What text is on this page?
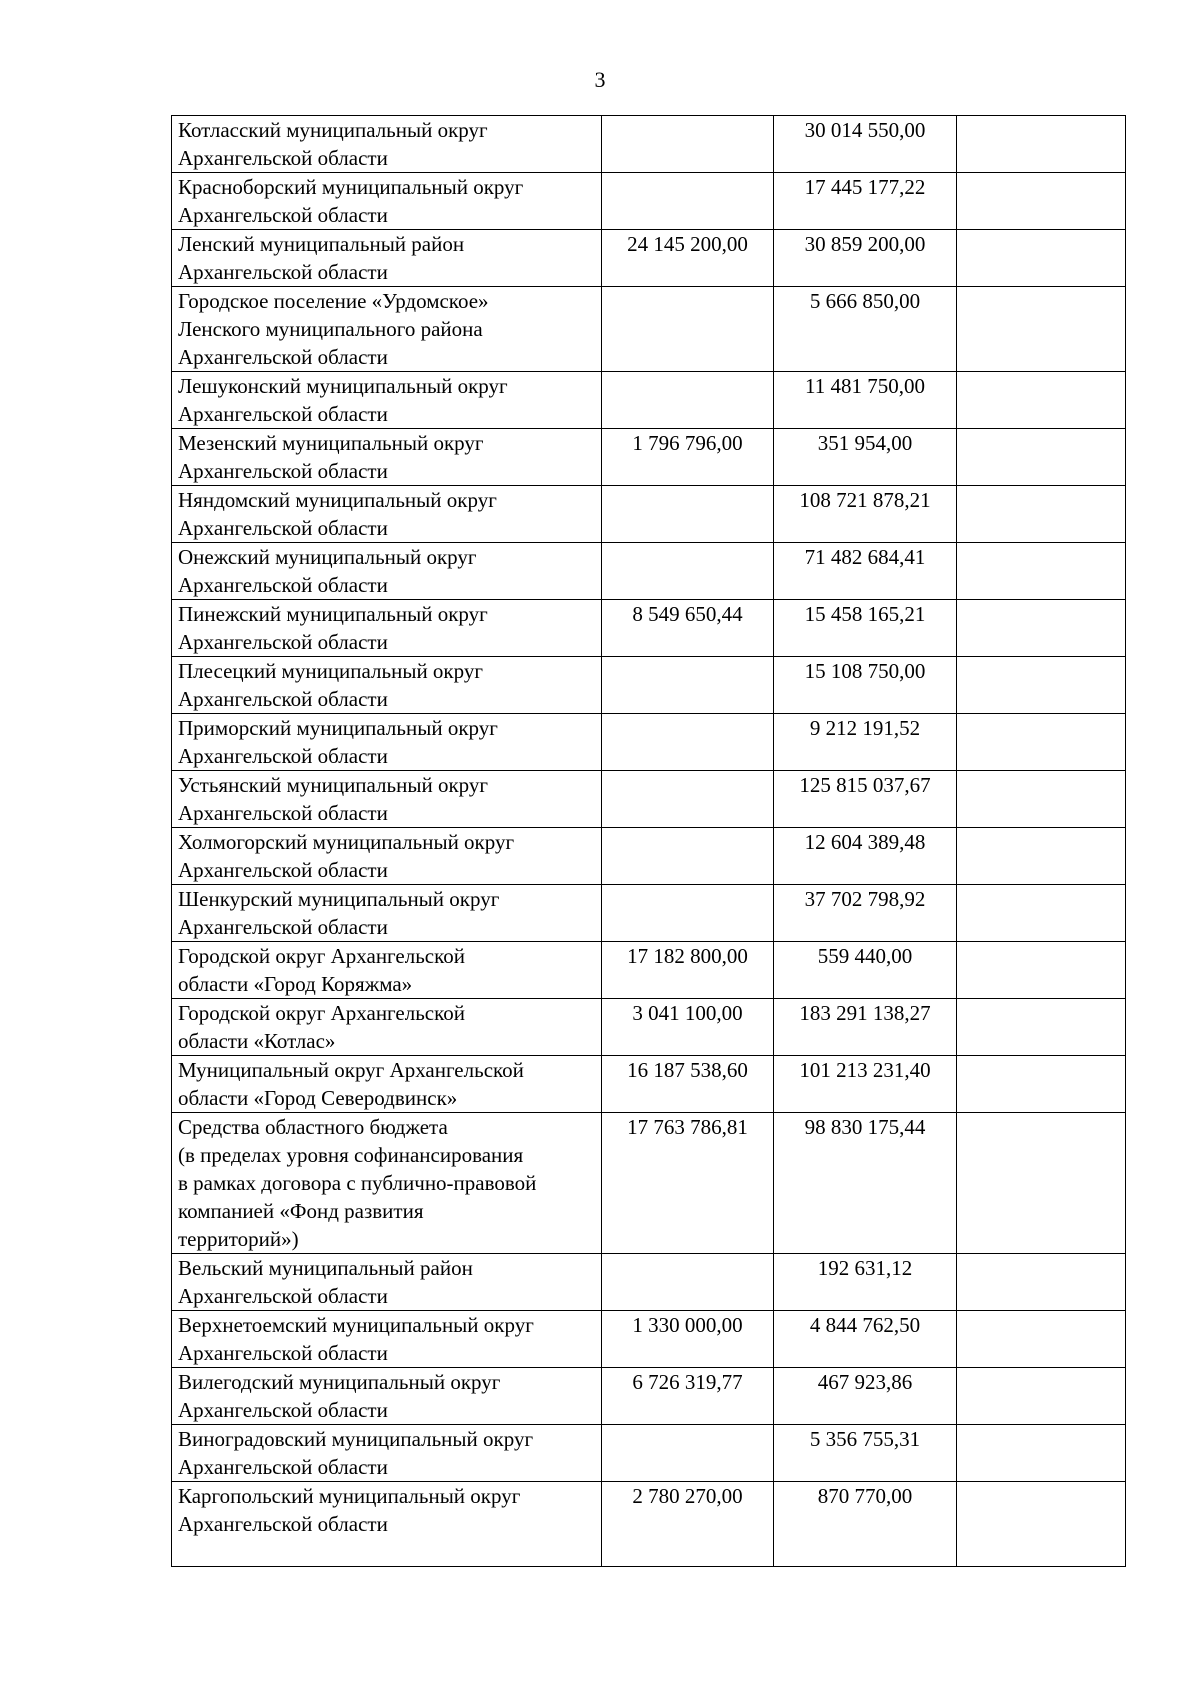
3
Котласский муниципальный округ
Архангельской области		30 014 550,00	

Красноборский муниципальный округ
Архангельской области		17 445 177,22	

Ленский муниципальный район
Архангельской области	24 145 200,00	30 859 200,00	

Городское поселение «Урдомское»
Ленского муниципального района
Архангельской области		5 666 850,00	

Лешуконский муниципальный округ
Архангельской области		11 481 750,00	

Мезенский муниципальный округ
Архангельской области	1 796 796,00	351 954,00	

Няндомский муниципальный округ
Архангельской области		108 721 878,21	

Онежский муниципальный округ
Архангельской области		71 482 684,41	

Пинежский муниципальный округ
Архангельской области	8 549 650,44	15 458 165,21	

Плесецкий муниципальный округ
Архангельской области		15 108 750,00	

Приморский муниципальный округ
Архангельской области		9 212 191,52	

Устьянский муниципальный округ
Архангельской области		125 815 037,67	

Холмогорский муниципальный округ
Архангельской области		12 604 389,48	

Шенкурский муниципальный округ
Архангельской области		37 702 798,92	

Городской округ Архангельской
области «Город Коряжма»	17 182 800,00	559 440,00	

Городской округ Архангельской
области «Котлас»	3 041 100,00	183 291 138,27	

Муниципальный округ Архангельской
области «Город Северодвинск»	16 187 538,60	101 213 231,40	

Средства областного бюджета
(в пределах уровня софинансирования
в рамках договора с публично-правовой
компанией «Фонд развития
территорий»)	17 763 786,81	98 830 175,44	

Вельский муниципальный район
Архангельской области		192 631,12	

Верхнетоемский муниципальный округ
Архангельской области	1 330 000,00	4 844 762,50	

Вилегодский муниципальный округ
Архангельской области	6 726 319,77	467 923,86	

Виноградовский муниципальный округ
Архангельской области		5 356 755,31	

Каргопольский муниципальный округ
Архангельской области	2 780 270,00	870 770,00	
